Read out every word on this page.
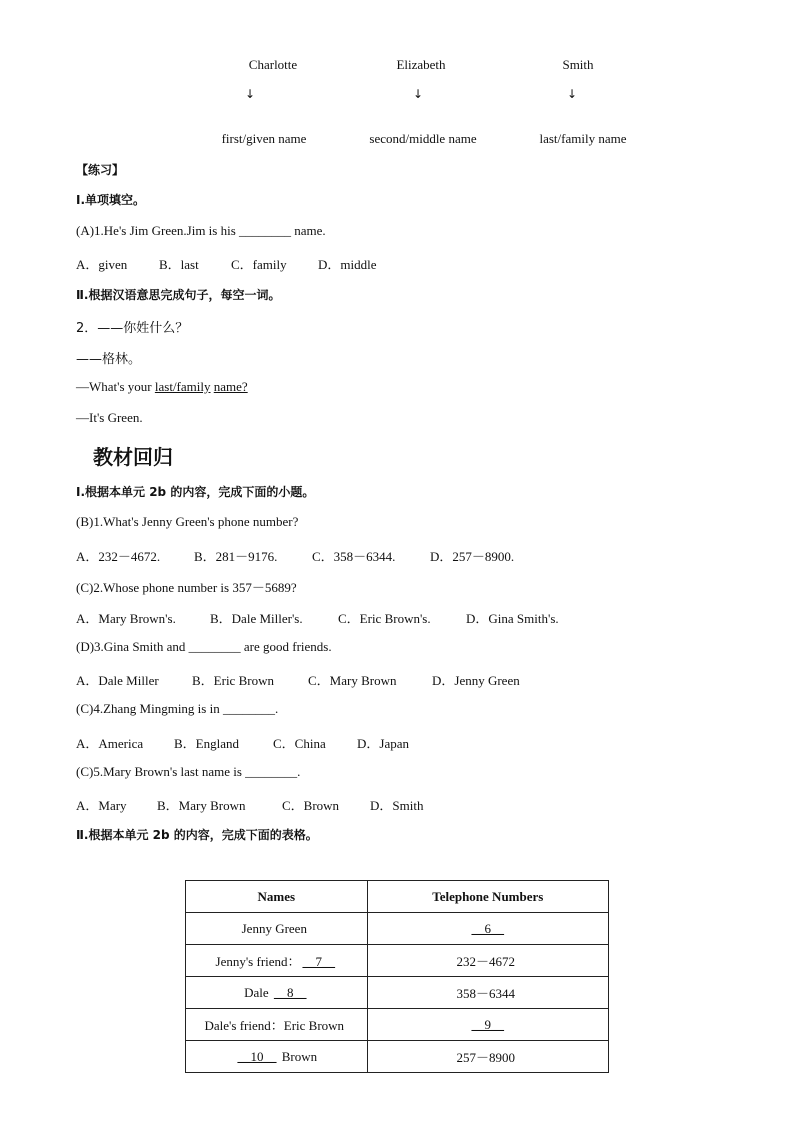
Charlotte	Elizabeth	Smith
↓	↓	↓
first/given name	second/middle name	last/family name
【练习】
Ⅰ.单项填空。
(A)1.He's Jim Green.Jim is his ________ name.
A．given B．last C．family D．middle
Ⅱ.根据汉语意思完成句子，每空一词。
2．——你姓什么？
——格林。
—What's your last/family name?
—It's Green.
教材回归
Ⅰ.根据本单元 2b 的内容，完成下面的小题。
(B)1.What's Jenny Green's phone number?
A．232－4672.	B．281－9176.	C．358－6344.	D．257－8900.
(C)2.Whose phone number is 357－5689?
A．Mary Brown's.	B．Dale Miller's.	C．Eric Brown's.	D．Gina Smith's.
(D)3.Gina Smith and ________ are good friends.
A．Dale Miller	B．Eric Brown	C．Mary Brown	D．Jenny Green
(C)4.Zhang Mingming is in ________.
A．America B．England	C．China D．Japan
(C)5.Mary Brown's last name is ________.
A．Mary B．Mary Brown	C．Brown D．Smith
Ⅱ.根据本单元 2b 的内容，完成下面的表格。
Names	Telephone Numbers
Jenny Green	__6__
Jenny's friend： __7__	232－4672
Dale __8__	358－6344
Dale's friend：Eric Brown	__9__
__10__ Brown	257－8900
